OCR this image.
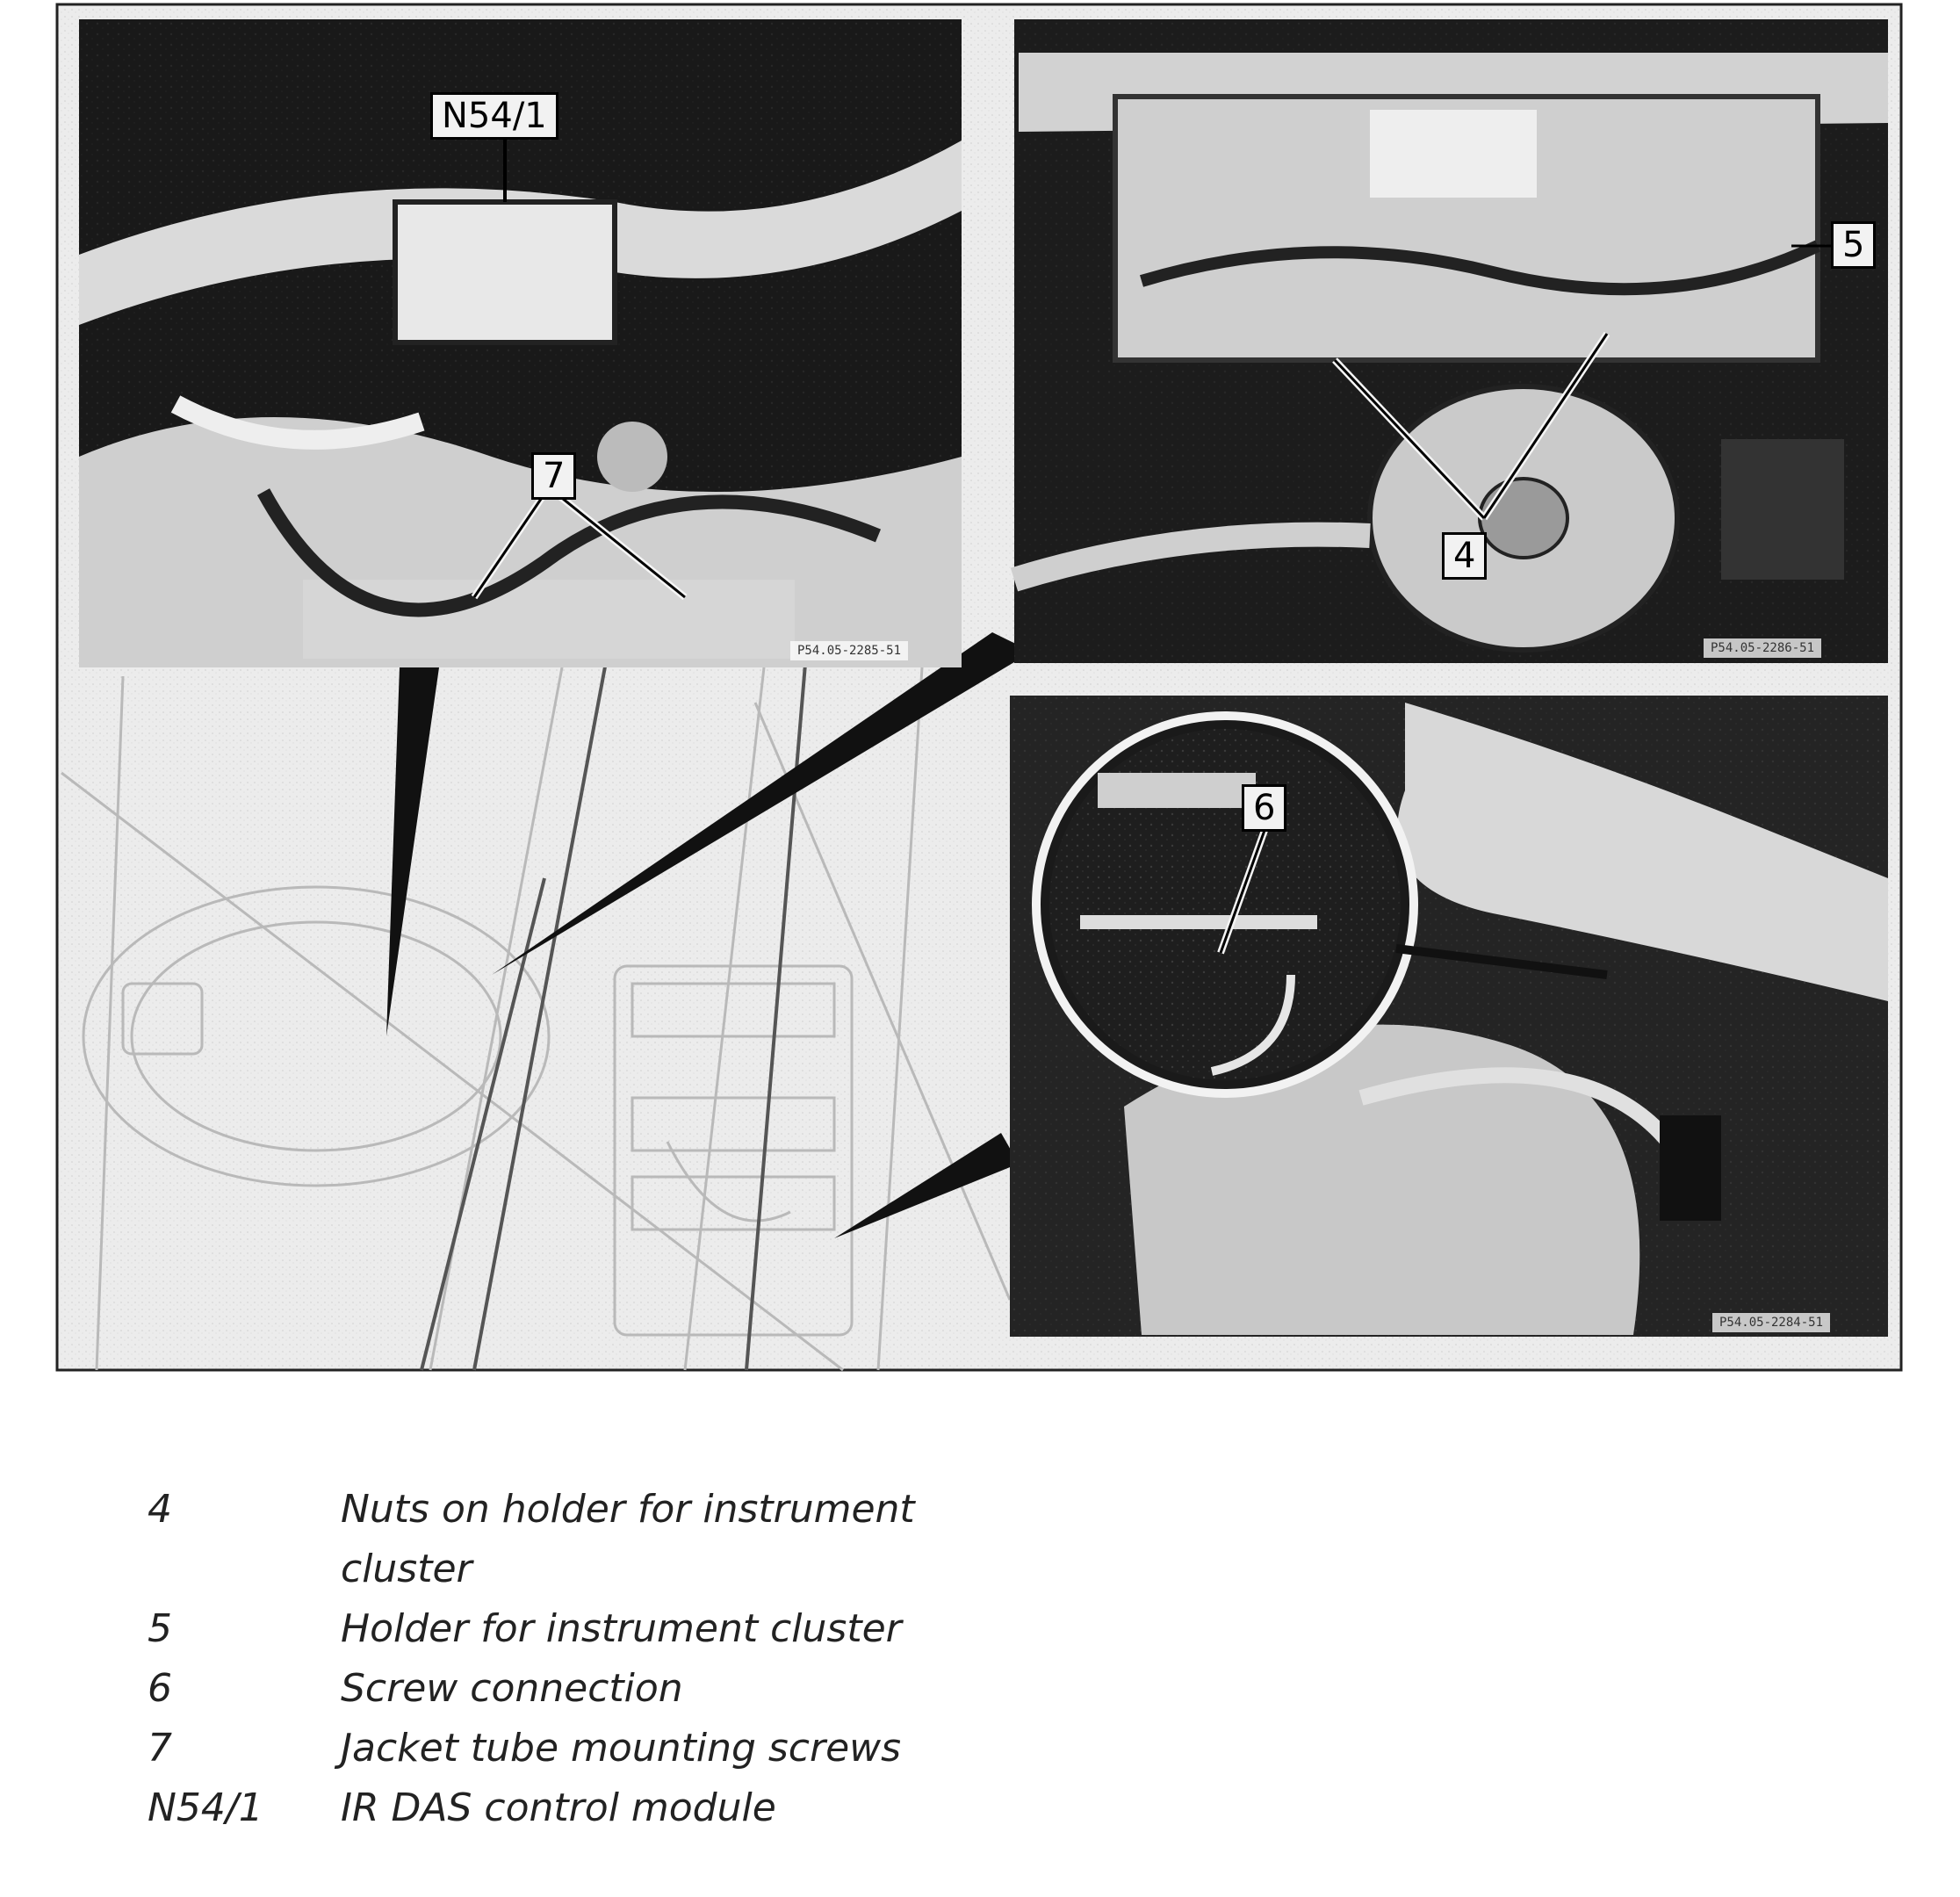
N54/1
7
5
4
6
P54.05-2285-51	P54.05-2286-51
P54.05-2284-51
4	Nuts on holder for instrument cluster
5	Holder for instrument cluster
6	Screw connection
7	Jacket tube mounting screws
N54/1	IR DAS control module
